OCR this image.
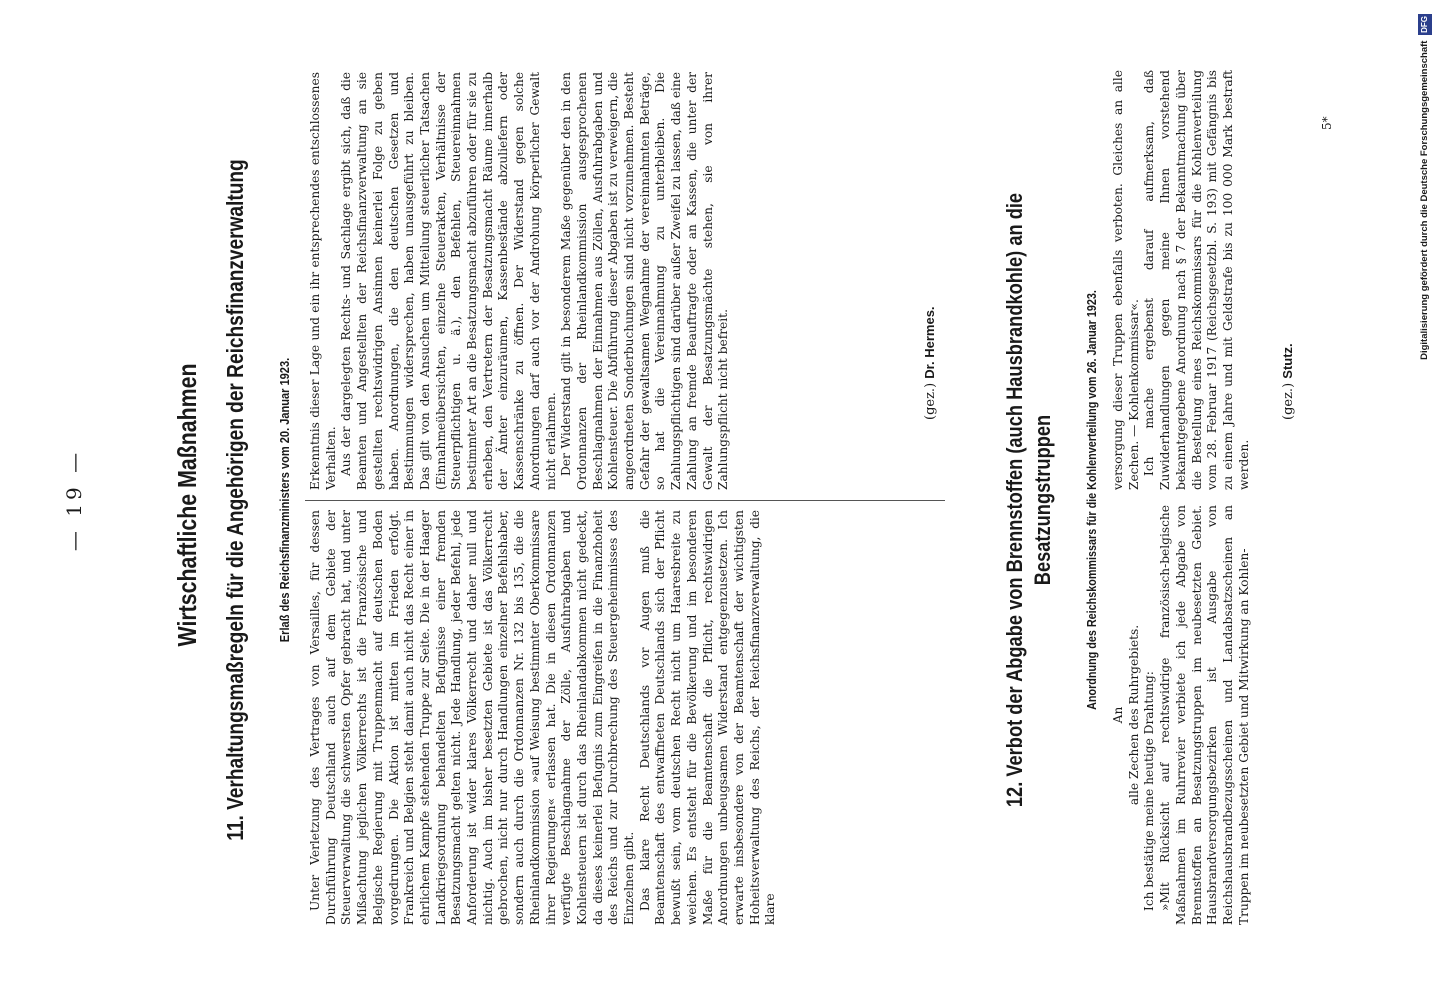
— 19 —	Wirtschaftliche Maßnahmen 11. Verhaltungsmaßregeln für die Angehörigen der Reichsfinanzverwaltung Erlaß des Reichsfinanzministers vom 20. Januar 1923.

Unter Verletzung des Vertrages von Versailles, für dessen Durchführung Deutschland auch auf dem Gebiete der Steuerverwaltung die schwersten Opfer gebracht hat, und unter Mißachtung jeglichen Völkerrechts ist die Französische und Belgische Regierung mit Truppenmacht auf deutschen Boden vorgedrungen. Die Aktion ist mitten im Frieden erfolgt. Frankreich und Belgien steht damit auch nicht das Recht einer in ehrlichem Kampfe stehenden Truppe zur Seite. Die in der Haager Landkriegsordnung behandelten Befugnisse einer fremden Besatzungsmacht gelten nicht. Jede Handlung, jeder Befehl, jede Anforderung ist wider klares Völkerrecht und daher null und nichtig. Auch im bisher besetzten Gebiete ist das Völkerrecht gebrochen, nicht nur durch Handlungen einzelner Befehlshaber, sondern auch durch die Ordonnanzen Nr. 132 bis 135, die die Rheinlandkommission »auf Weisung bestimmter Oberkommissare ihrer Regierungen« erlassen hat. Die in diesen Ordonnanzen verfügte Beschlagnahme der Zölle, Ausfuhrabgaben und Kohlensteuern ist durch das Rheinlandabkommen nicht gedeckt, da dieses keinerlei Befugnis zum Eingreifen in die Finanzhoheit des Reichs und zur Durchbrechung des Steuergeheimnisses des Einzelnen gibt. Das klare Recht Deutschlands vor Augen muß die Beamtenschaft des entwaffneten Deutschlands sich der Pflicht bewußt sein, vom deutschen Recht nicht um Haaresbreite zu weichen. Es entsteht für die Bevölkerung und im besonderen Maße für die Beamtenschaft die Pflicht, rechtswidrigen Anordnungen unbeugsamen Widerstand entgegenzusetzen. Ich erwarte insbesondere von der Beamtenschaft der wichtigsten Hoheitsverwaltung des Reichs, der Reichsfinanzverwaltung, die klare

Erkenntnis dieser Lage und ein ihr entsprechendes entschlossenes Verhalten. Aus der dargelegten Rechts- und Sachlage ergibt sich, daß die Beamten und Angestellten der Reichsfinanzverwaltung an sie gestellten rechtswidrigen Ansinnen keinerlei Folge zu geben haben. Anordnungen, die den deutschen Gesetzen und Bestimmungen widersprechen, haben unausgeführt zu bleiben. Das gilt von den Ansuchen um Mitteilung steuerlicher Tatsachen (Einnahmeübersichten, einzelne Steuerakten, Verhältnisse der Steuerpflichtigen u. ä.), den Befehlen, Steuereinnahmen bestimmter Art an die Besatzungsmacht abzuführen oder für sie zu erheben, den Vertretern der Besatzungsmacht Räume innerhalb der Ämter einzuräumen, Kassenbestände abzuliefern oder Kassenschränke zu öffnen. Der Widerstand gegen solche Anordnungen darf auch vor der Androhung körperlicher Gewalt nicht erlahmen. Der Widerstand gilt in besonderem Maße gegenüber den in den Ordonnanzen der Rheinlandkommission ausgesprochenen Beschlagnahmen der Einnahmen aus Zöllen, Ausfuhrabgaben und Kohlensteuer. Die Abführung dieser Abgaben ist zu verweigern, die angeordneten Sonderbuchungen sind nicht vorzunehmen. Besteht Gefahr der gewaltsamen Wegnahme der vereinnahmten Beträge, so hat die Vereinnahmung zu unterbleiben. Die Zahlungspflichtigen sind darüber außer Zweifel zu lassen, daß eine Zahlung an fremde Beauftragte oder an Kassen, die unter der Gewalt der Besatzungsmächte stehen, sie von ihrer Zahlungspflicht nicht befreit.	(gez.) Dr. Hermes.	12. Verbot der Abgabe von Brennstoffen (auch Hausbrandkohle) an die Besatzungstruppen Anordnung des Reichskommissars für die Kohlenverteilung vom 26. Januar 1923.

An alle Zechen des Ruhrgebiets. Ich bestätige meine heutige Drahtung: »Mit Rücksicht auf rechtswidrige französisch-belgische Maßnahmen im Ruhrrevier verbiete ich jede Abgabe von Brennstoffen an Besatzungstruppen im neubesetzten Gebiet. Hausbrandversorgungsbezirken ist Ausgabe von Reichshausbrandbezugsscheinen und Landabsatzscheinen an Truppen im neubesetzten Gebiet und Mitwirkung an Kohlen-

versorgung dieser Truppen ebenfalls verboten. Gleiches an alle Zechen. — Kohlenkommissar«. Ich mache ergebenst darauf aufmerksam, daß Zuwiderhandlungen gegen meine Ihnen vorstehend bekanntgegebene Anordnung nach § 7 der Bekanntmachung über die Bestellung eines Reichskommissars für die Kohlenverteilung vom 28. Februar 1917 (Reichsgesetzbl. S. 193) mit Gefängnis bis zu einem Jahre und mit Geldstrafe bis zu 100 000 Mark bestraft werden.

(gez.) Stutz.
5*	Digitalisierung gefördert durch die Deutsche Forschungsgemeinschaft DFG
